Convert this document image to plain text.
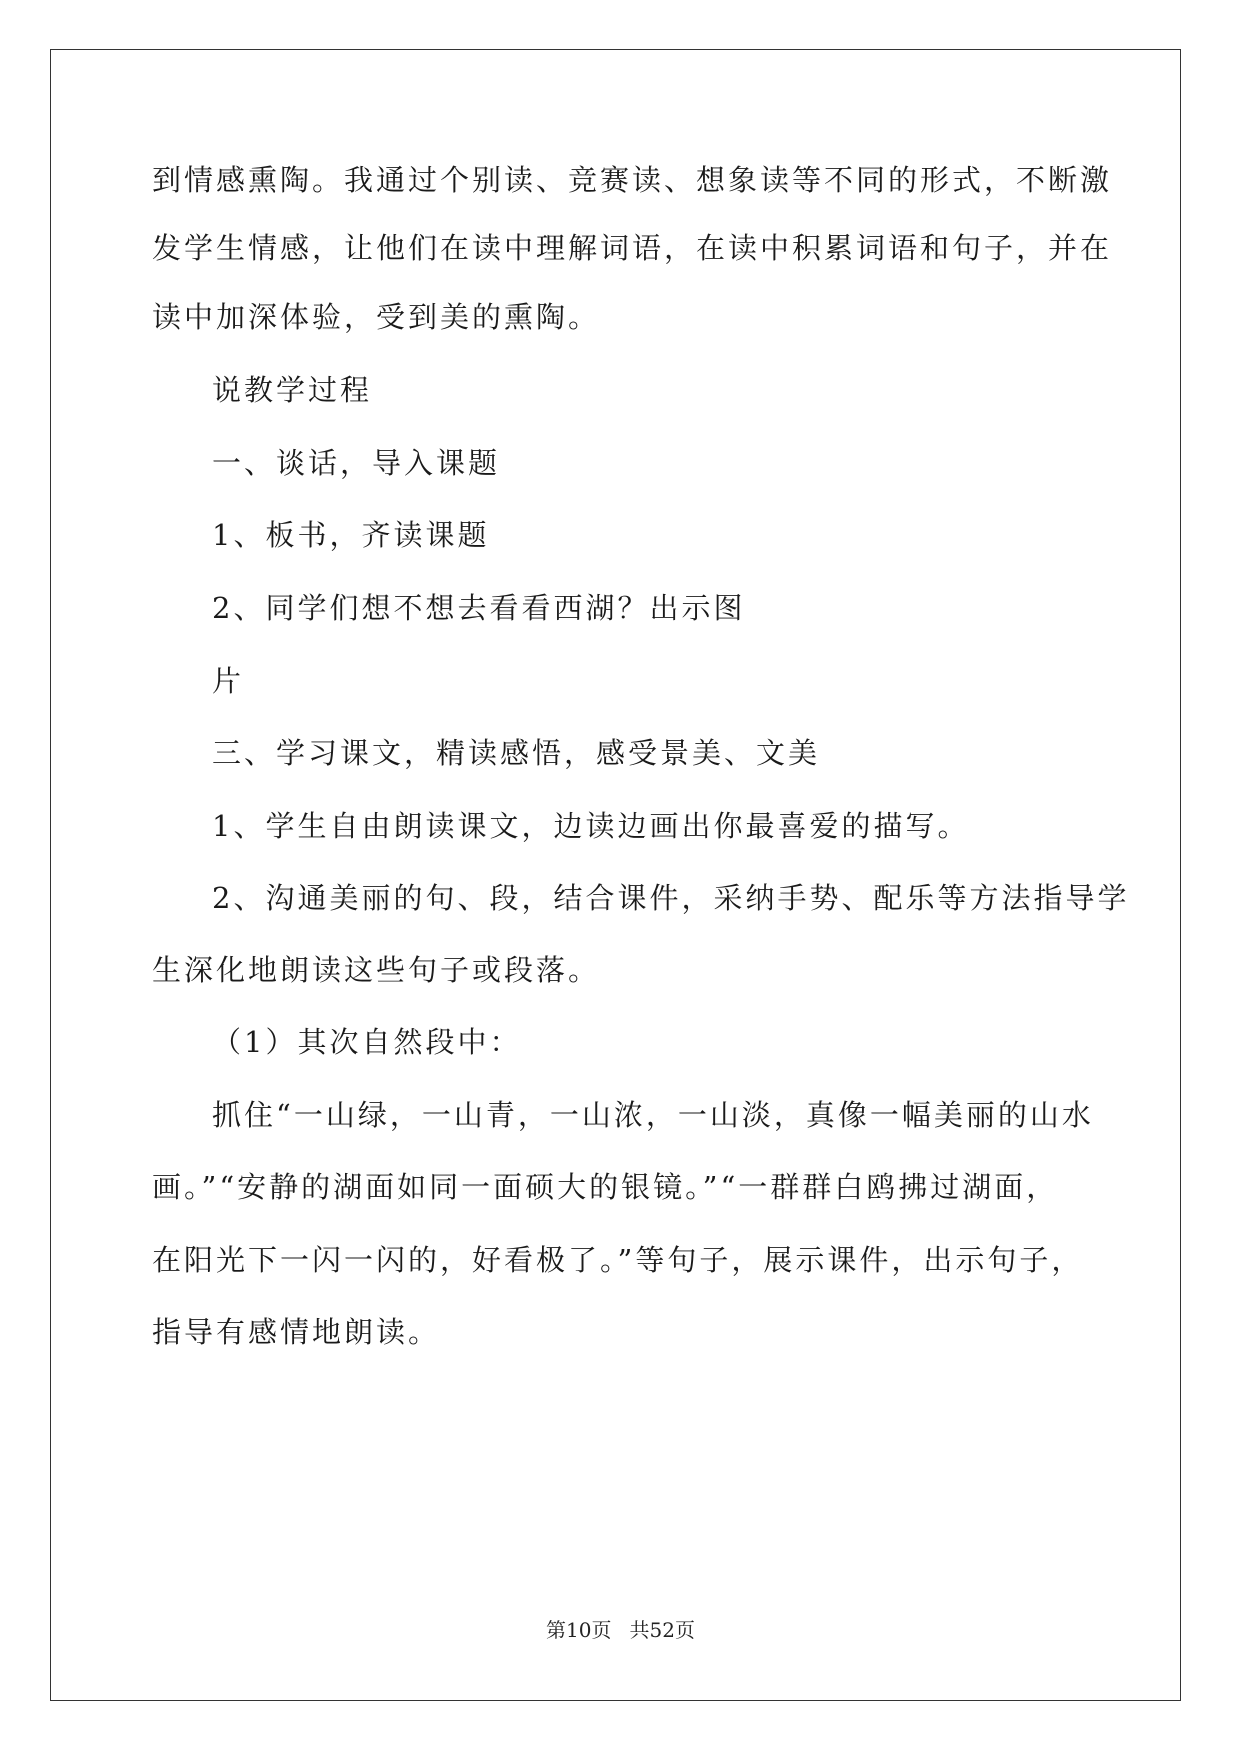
到情感熏陶。我通过个别读、竞赛读、想象读等不同的形式，不断激
发学生情感，让他们在读中理解词语，在读中积累词语和句子，并在
读中加深体验，受到美的熏陶。
说教学过程
一、谈话，导入课题
1、板书，齐读课题
2、同学们想不想去看看西湖？出示图
片
三、学习课文，精读感悟，感受景美、文美
1、学生自由朗读课文，边读边画出你最喜爱的描写。
2、沟通美丽的句、段，结合课件，采纳手势、配乐等方法指导学
生深化地朗读这些句子或段落。
（1）其次自然段中：
抓住“一山绿，一山青，一山浓，一山淡，真像一幅美丽的山水
画。”“安静的湖面如同一面硕大的银镜。”“一群群白鸥拂过湖面，
在阳光下一闪一闪的，好看极了。”等句子，展示课件，出示句子，
指导有感情地朗读。
第10页 共52页
